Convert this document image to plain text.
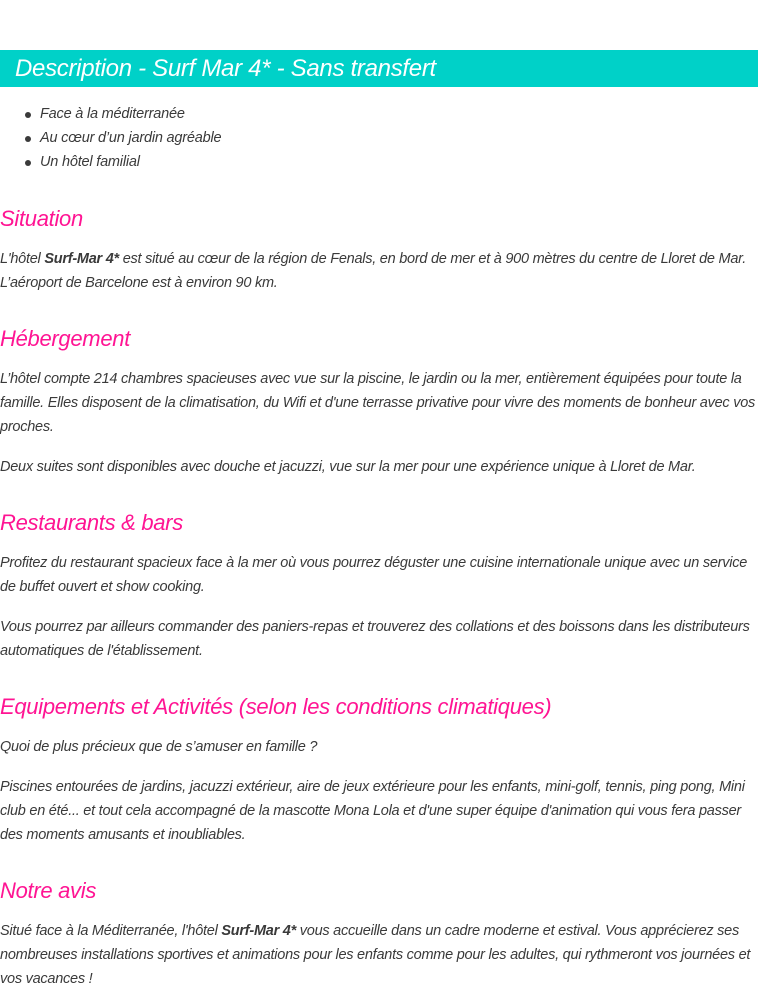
Description - Surf Mar 4* - Sans transfert
Face à la méditerranée
Au cœur d’un jardin agréable
Un hôtel familial
Situation

L'hôtel Surf-Mar 4* est situé au cœur de la région de Fenals, en bord de mer et à 900 mètres du centre de Lloret de Mar. L’aéroport de Barcelone est à environ 90 km.

Hébergement

L’hôtel compte 214 chambres spacieuses avec vue sur la piscine, le jardin ou la mer, entièrement équipées pour toute la famille. Elles disposent de la climatisation, du Wifi et d'une terrasse privative pour vivre des moments de bonheur avec vos proches.

Deux suites sont disponibles avec douche et jacuzzi, vue sur la mer pour une expérience unique à Lloret de Mar.

Restaurants & bars

Profitez du restaurant spacieux face à la mer où vous pourrez déguster une cuisine internationale unique avec un service de buffet ouvert et show cooking.

Vous pourrez par ailleurs commander des paniers-repas et trouverez des collations et des boissons dans les distributeurs automatiques de l'établissement.

Equipements et Activités (selon les conditions climatiques)

Quoi de plus précieux que de s’amuser en famille ?

Piscines entourées de jardins, jacuzzi extérieur, aire de jeux extérieure pour les enfants, mini-golf, tennis, ping pong, Mini club en été... et tout cela accompagné de la mascotte Mona Lola et d'une super équipe d'animation qui vous fera passer des moments amusants et inoubliables.

Notre avis

Situé face à la Méditerranée, l'hôtel Surf-Mar 4* vous accueille dans un cadre moderne et estival. Vous apprécierez ses nombreuses installations sportives et animations pour les enfants comme pour les adultes, qui rythmeront vos journées et vos vacances !
